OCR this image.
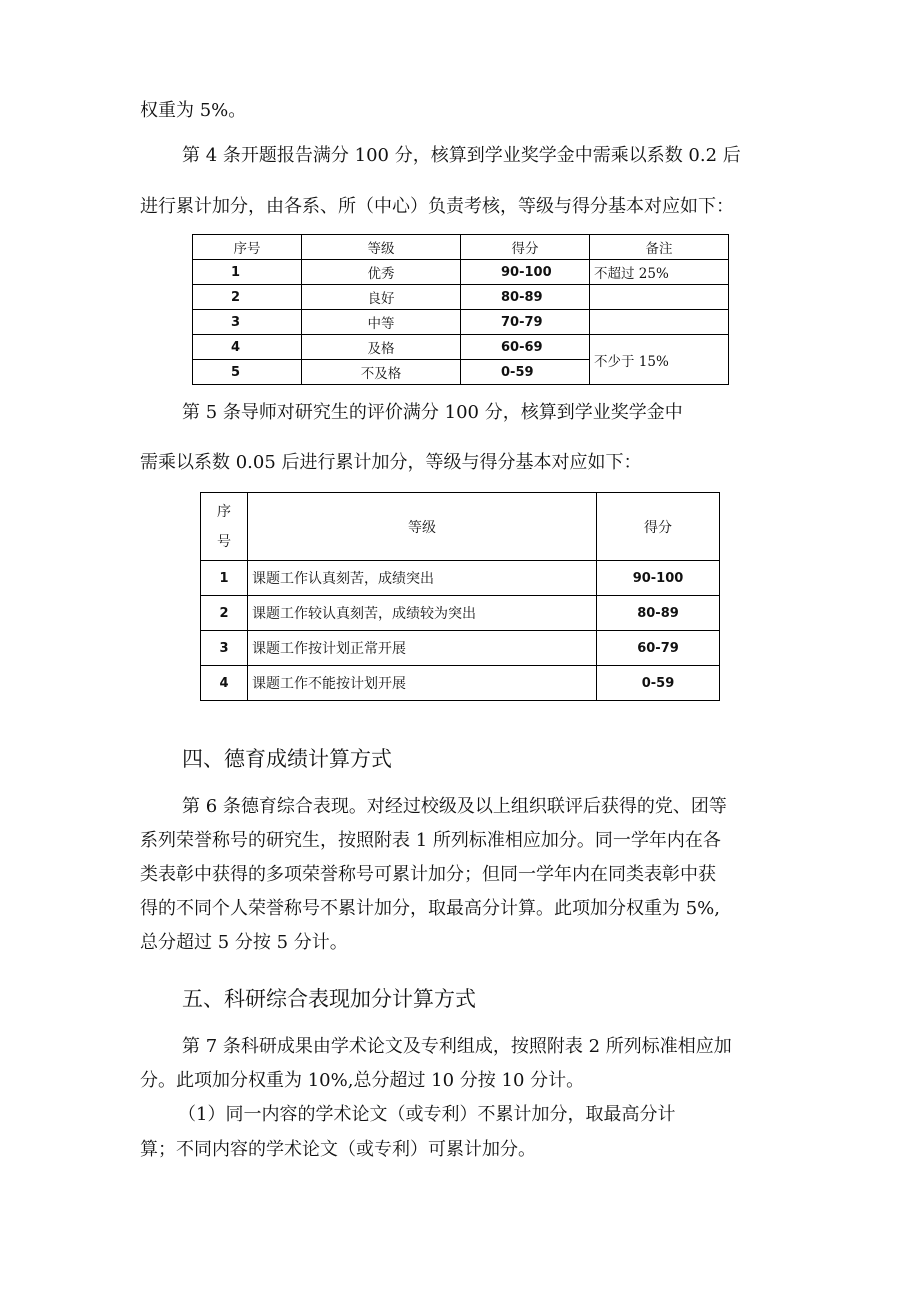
权重为 5%。
第 4 条开题报告满分 100 分，核算到学业奖学金中需乘以系数 0.2 后
进行累计加分，由各系、所（中心）负责考核，等级与得分基本对应如下：
序号	等级	得分	备注
1	优秀	90-100	不超过 25%
2	良好	80-89	
3	中等	70-79	
4	及格	60-69	不少于 15%
5	不及格	0-59	
第 5 条导师对研究生的评价满分 100 分，核算到学业奖学金中
需乘以系数 0.05 后进行累计加分，等级与得分基本对应如下：
序
号	等级	得分
1	课题工作认真刻苦，成绩突出	90-100
2	课题工作较认真刻苦，成绩较为突出	80-89
3	课题工作按计划正常开展	60-79
4	课题工作不能按计划开展	0-59
四、德育成绩计算方式
第 6 条德育综合表现。对经过校级及以上组织联评后获得的党、团等
系列荣誉称号的研究生，按照附表 1 所列标准相应加分。同一学年内在各
类表彰中获得的多项荣誉称号可累计加分；但同一学年内在同类表彰中获
得的不同个人荣誉称号不累计加分，取最高分计算。此项加分权重为 5%,
总分超过 5 分按 5 分计。
五、科研综合表现加分计算方式
第 7 条科研成果由学术论文及专利组成，按照附表 2 所列标准相应加
分。此项加分权重为 10%,总分超过 10 分按 10 分计。
（1）同一内容的学术论文（或专利）不累计加分，取最高分计
算；不同内容的学术论文（或专利）可累计加分。
